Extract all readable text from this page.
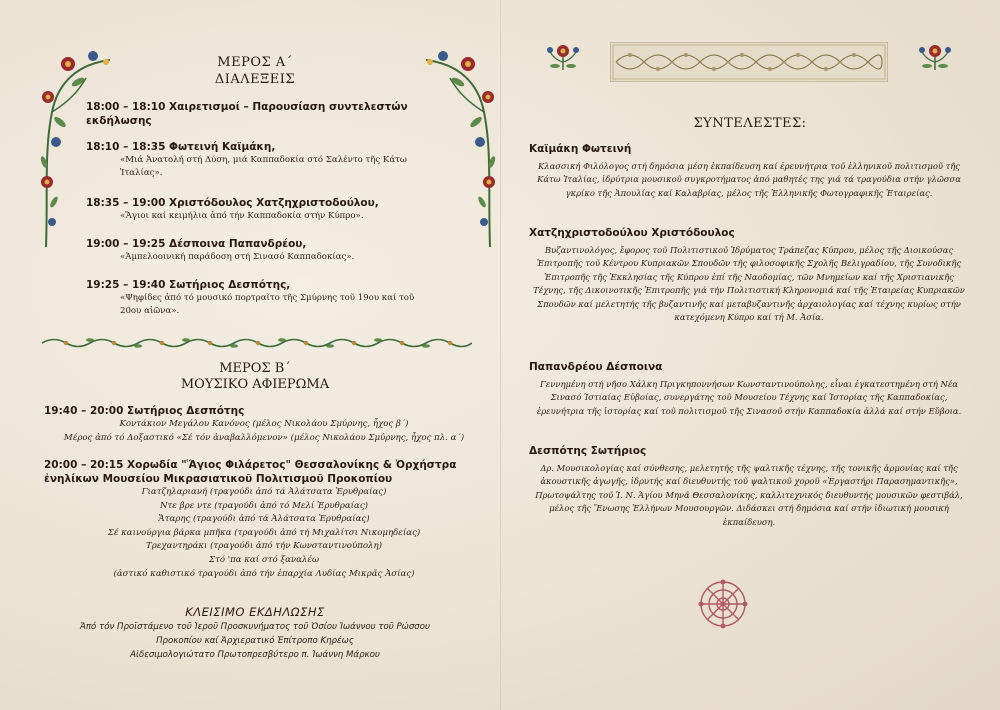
ΜΕΡΟΣ Α΄
ΔΙΑΛΕΞΕΙΣ
18:00 – 18:10 Χαιρετισμοί – Παρουσίαση συντελεστών εκδήλωσης
18:10 – 18:35 Φωτεινή Καϊμάκη,
«Μιά Ἀνατολή στή Δύση, μιά Καππαδοκία στό Σαλέντο τῆς Κάτω Ἰταλίας».
18:35 – 19:00 Χριστόδουλος Χατζηχριστοδούλου,
«Ἅγιοι καί κειμήλια ἀπό τήν Καππαδοκία στήν Κύπρο».
19:00 – 19:25 Δέσποινα Παπανδρέου,
«Ἀμπελοοινική παράδοση στή Σινασό Καππαδοκίας».
19:25 – 19:40 Σωτήριος Δεσπότης,
«Ψηφίδες ἀπό τό μουσικό πορτραῖτο τῆς Σμύρνης τοῦ 19ου καί τοῦ 20ου αἰῶνα».
ΜΕΡΟΣ Β΄
ΜΟΥΣΙΚΟ ΑΦΙΕΡΩΜΑ
19:40 – 20:00 Σωτήριος Δεσπότης
Κοντάκιον Μεγάλου Κανόνος (μέλος Νικολάου Σμύρνης, ἦχος β΄)
Μέρος ἀπό τό Δοξαστικό «Σέ τόν ἀναβαλλόμενον» (μέλος Νικολάου Σμύρνης, ἦχος πλ. α΄)
20:00 – 20:15 Χορωδία "Ἅγιος Φιλάρετος" Θεσσαλονίκης & Ὀρχήστρα ἐνηλίκων Μουσείου Μικρασιατικοῦ Πολιτισμοῦ Προκοπίου
Γιατζηλαριανή (τραγούδι ἀπό τά Ἀλάτσατα Ἐρυθραίας)
Ντε βρε ντε (τραγούδι ἀπό τό Μελί Ἐρυθραίας)
Ἄταρης (τραγούδι ἀπό τά Ἀλάτσατα Ἐρυθραίας)
Σέ καινούργια βάρκα μπῆκα (τραγούδι ἀπό τή Μιχαλίτσι Νικομηδείας)
Τρεχαντηράκι (τραγούδι ἀπό τήν Κωνσταντινούπολη)
Στό 'πα καί στό ξαναλέω
(ἀστικό καθιστικό τραγούδι ἀπό τήν ἐπαρχία Λυδίας Μικρᾶς Ἀσίας)
ΚΛΕΙΣΙΜΟ ΕΚΔΗΛΩΣΗΣ
Ἀπό τόν Προϊστάμενο τοῦ Ἱεροῦ Προσκυνήματος τοῦ Ὁσίου Ἰωάννου τοῦ Ρώσσου
Προκοπίου καί Ἀρχιερατικό Ἐπίτροπο Κηρέως
Αἰδεσιμολογιώτατο Πρωτοπρεσβύτερο π. Ἰωάννη Μάρκου
ΣΥΝΤΕΛΕΣΤΕΣ:
Καϊμάκη Φωτεινή
Κλασσική Φιλόλογος στή δημόσια μέση ἐκπαίδευση καί ἐρευνήτρια τοῦ ἑλληνικοῦ πολιτισμοῦ τῆς Κάτω Ἰταλίας, ἱδρύτρια μουσικοῦ συγκροτήματος ἀπό μαθητές της γιά τά τραγούδια στήν γλῶσσα γκρίκο τῆς Ἀπουλίας καί Καλαβρίας, μέλος τῆς Ἑλληνικῆς Φωτογραφικῆς Ἑταιρείας.
Χατζηχριστοδούλου Χριστόδουλος
Βυζαντινολόγος, ἔφορος τοῦ Πολιτιστικοῦ Ἱδρύματος Τράπεζας Κύπρου, μέλος τῆς Διοικούσας Ἐπιτροπῆς τοῦ Κέντρου Κυπριακῶν Σπουδῶν τῆς φιλοσοφικῆς Σχολῆς Βελιγραδίου, τῆς Συνοδικῆς Ἐπιτροπῆς τῆς Ἐκκλησίας τῆς Κύπρου ἐπί τῆς Ναοδομίας, τῶν Μνημείων καί τῆς Χριστιανικῆς Τέχνης, τῆς Δικοινοτικῆς Ἐπιτροπῆς γιά τήν Πολιτιστική Κληρονομιά καί τῆς Ἑταιρείας Κυπριακῶν Σπουδῶν καί μελετητής τῆς βυζαντινῆς καί μεταβυζαντινῆς ἀρχαιολογίας καί τέχνης κυρίως στήν κατεχόμενη Κύπρο καί τή Μ. Ἀσία.
Παπανδρέου Δέσποινα
Γεννημένη στή νῆσο Χάλκη Πριγκηποννήσων Κωνσταντινούπολης, εἶναι ἐγκατεστημένη στή Νέα Σινασό Ἱστιαίας Εὐβοίας, συνεργάτης τοῦ Μουσείου Τέχνης καί Ἱστορίας τῆς Καππαδοκίας, ἐρευνήτρια τῆς ἱστορίας καί τοῦ πολιτισμοῦ τῆς Σινασοῦ στήν Καππαδοκία ἀλλά καί στήν Εὔβοια.
Δεσπότης Σωτήριος
Δρ. Μουσικολογίας καί σύνθεσης, μελετητής τῆς ψαλτικῆς τέχνης, τῆς τονικῆς ἁρμονίας καί τῆς ἀκουστικῆς ἀγωγῆς, ἱδρυτής καί διευθυντής τοῦ ψαλτικοῦ χοροῦ «Ἐργαστήρι Παρασημαντικῆς», Πρωτοψάλτης τοῦ Ἱ. Ν. Ἁγίου Μηνᾶ Θεσσαλονίκης, καλλιτεχνικός διευθυντής μουσικῶν φεστιβάλ, μέλος τῆς Ἕνωσης Ἑλλήνων Μουσουργῶν. Διδάσκει στή δημόσια καί στήν ἰδιωτική μουσική ἐκπαίδευση.
